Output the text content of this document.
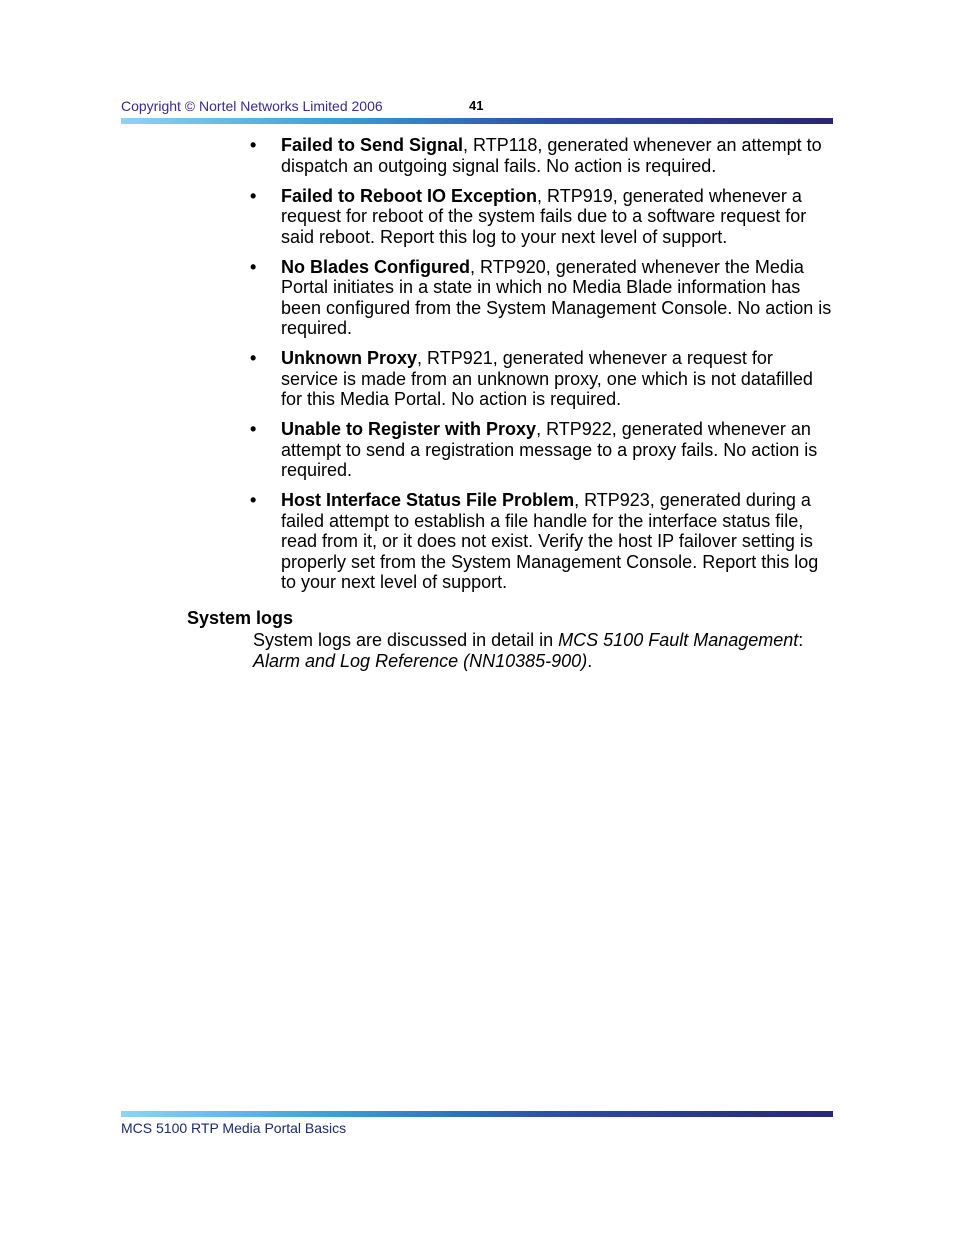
Copyright © Nortel Networks Limited 2006	41
• Failed to Send Signal, RTP118, generated whenever an attempt to dispatch an outgoing signal fails. No action is required.
• Failed to Reboot IO Exception, RTP919, generated whenever a request for reboot of the system fails due to a software request for said reboot. Report this log to your next level of support.
• No Blades Configured, RTP920, generated whenever the Media Portal initiates in a state in which no Media Blade information has been configured from the System Management Console. No action is required.
• Unknown Proxy, RTP921, generated whenever a request for service is made from an unknown proxy, one which is not datafilled for this Media Portal. No action is required.
• Unable to Register with Proxy, RTP922, generated whenever an attempt to send a registration message to a proxy fails. No action is required.
• Host Interface Status File Problem, RTP923, generated during a failed attempt to establish a file handle for the interface status file, read from it, or it does not exist. Verify the host IP failover setting is properly set from the System Management Console. Report this log to your next level of support.
System logs
System logs are discussed in detail in MCS 5100 Fault Management: Alarm and Log Reference (NN10385-900).
MCS 5100 RTP Media Portal Basics
